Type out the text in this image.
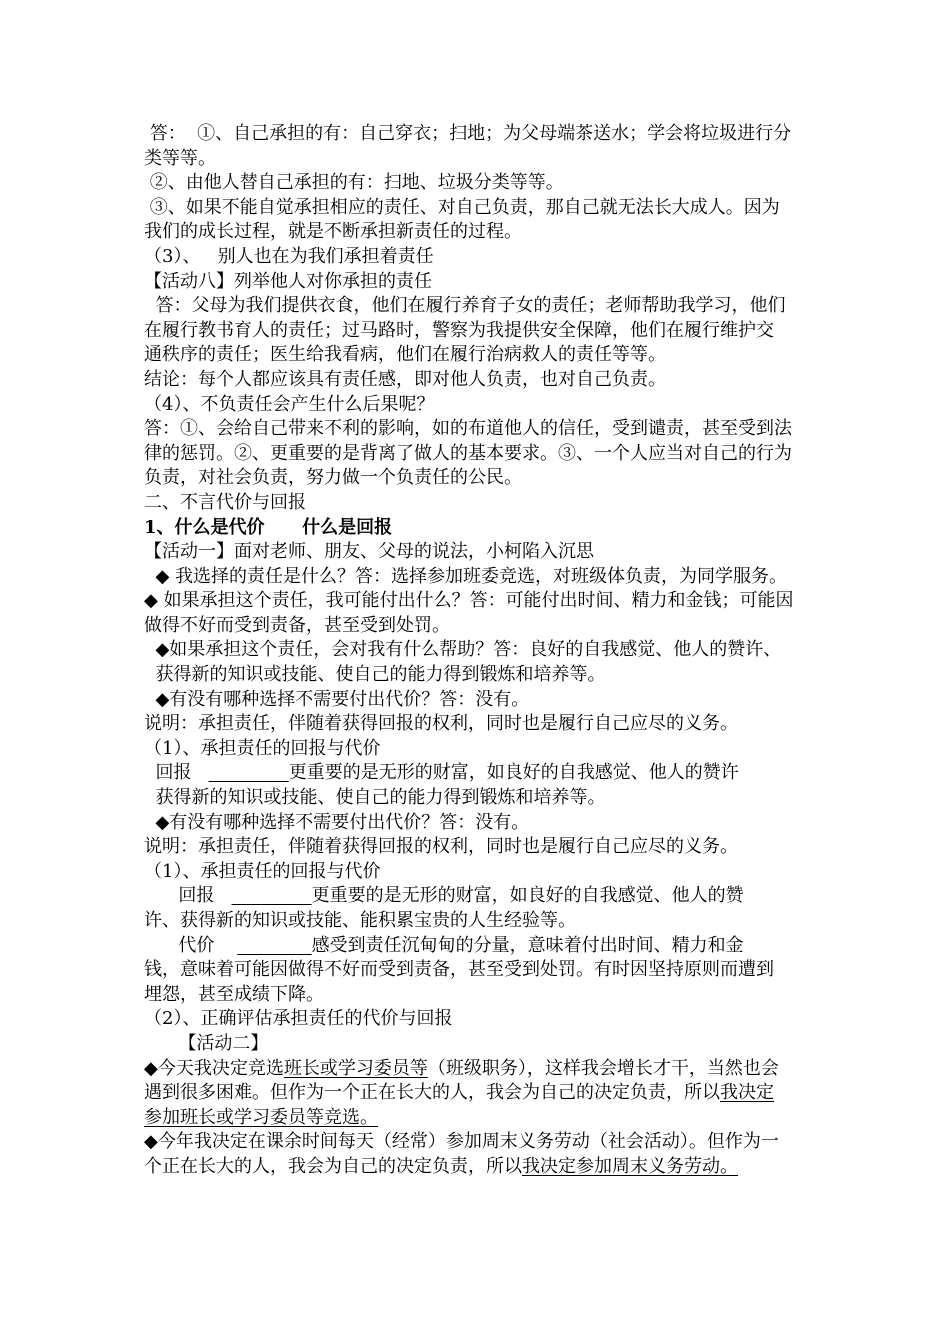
答：  ①、自己承担的有：自己穿衣；扫地；为父母端茶送水；学会将垃圾进行分
类等等。
②、由他人替自己承担的有：扫地、垃圾分类等等。
③、如果不能自觉承担相应的责任、对自己负责，那自己就无法长大成人。因为
我们的成长过程，就是不断承担新责任的过程。
（3）、   别人也在为我们承担着责任
【活动八】列举他人对你承担的责任
答：父母为我们提供衣食，他们在履行养育子女的责任；老师帮助我学习，他们
在履行教书育人的责任；过马路时，警察为我提供安全保障，他们在履行维护交
通秩序的责任；医生给我看病，他们在履行治病救人的责任等等。
结论：每个人都应该具有责任感，即对他人负责，也对自己负责。
（4）、不负责任会产生什么后果呢？
答：①、会给自己带来不利的影响，如的布道他人的信任，受到谴责，甚至受到法
律的惩罚。②、更重要的是背离了做人的基本要求。③、一个人应当对自己的行为
负责，对社会负责，努力做一个负责任的公民。
二、不言代价与回报
1、什么是代价      什么是回报
【活动一】面对老师、朋友、父母的说法，小柯陷入沉思
◆ 我选择的责任是什么？答：选择参加班委竞选，对班级体负责，为同学服务。
◆ 如果承担这个责任，我可能付出什么？答：可能付出时间、精力和金钱；可能因
做得不好而受到责备，甚至受到处罚。
◆如果承担这个责任，会对我有什么帮助？答：良好的自我感觉、他人的赞许、
获得新的知识或技能、使自己的能力得到锻炼和培养等。
◆有没有哪种选择不需要付出代价？答：没有。
说明：承担责任，伴随着获得回报的权利，同时也是履行自己应尽的义务。
（1）、承担责任的回报与代价
回报	更重要的是无形的财富，如良好的自我感觉、他人的赞许
获得新的知识或技能、使自己的能力得到锻炼和培养等。
◆有没有哪种选择不需要付出代价？答：没有。
说明：承担责任，伴随着获得回报的权利，同时也是履行自己应尽的义务。
（1）、承担责任的回报与代价
回报	更重要的是无形的财富，如良好的自我感觉、他人的赞
许、获得新的知识或技能、能积累宝贵的人生经验等。
代价	感受到责任沉甸甸的分量，意味着付出时间、精力和金
钱，意味着可能因做得不好而受到责备，甚至受到处罚。有时因坚持原则而遭到
埋怨，甚至成绩下降。
（2）、正确评估承担责任的代价与回报
【活动二】
◆今天我决定竞选班长或学习委员等（班级职务），这样我会增长才干，当然也会
遇到很多困难。但作为一个正在长大的人，我会为自己的决定负责，所以我决定
参加班长或学习委员等竞选。
◆今年我决定在课余时间每天（经常）参加周末义务劳动（社会活动）。但作为一
个正在长大的人，我会为自己的决定负责，所以我决定参加周末义务劳动。
